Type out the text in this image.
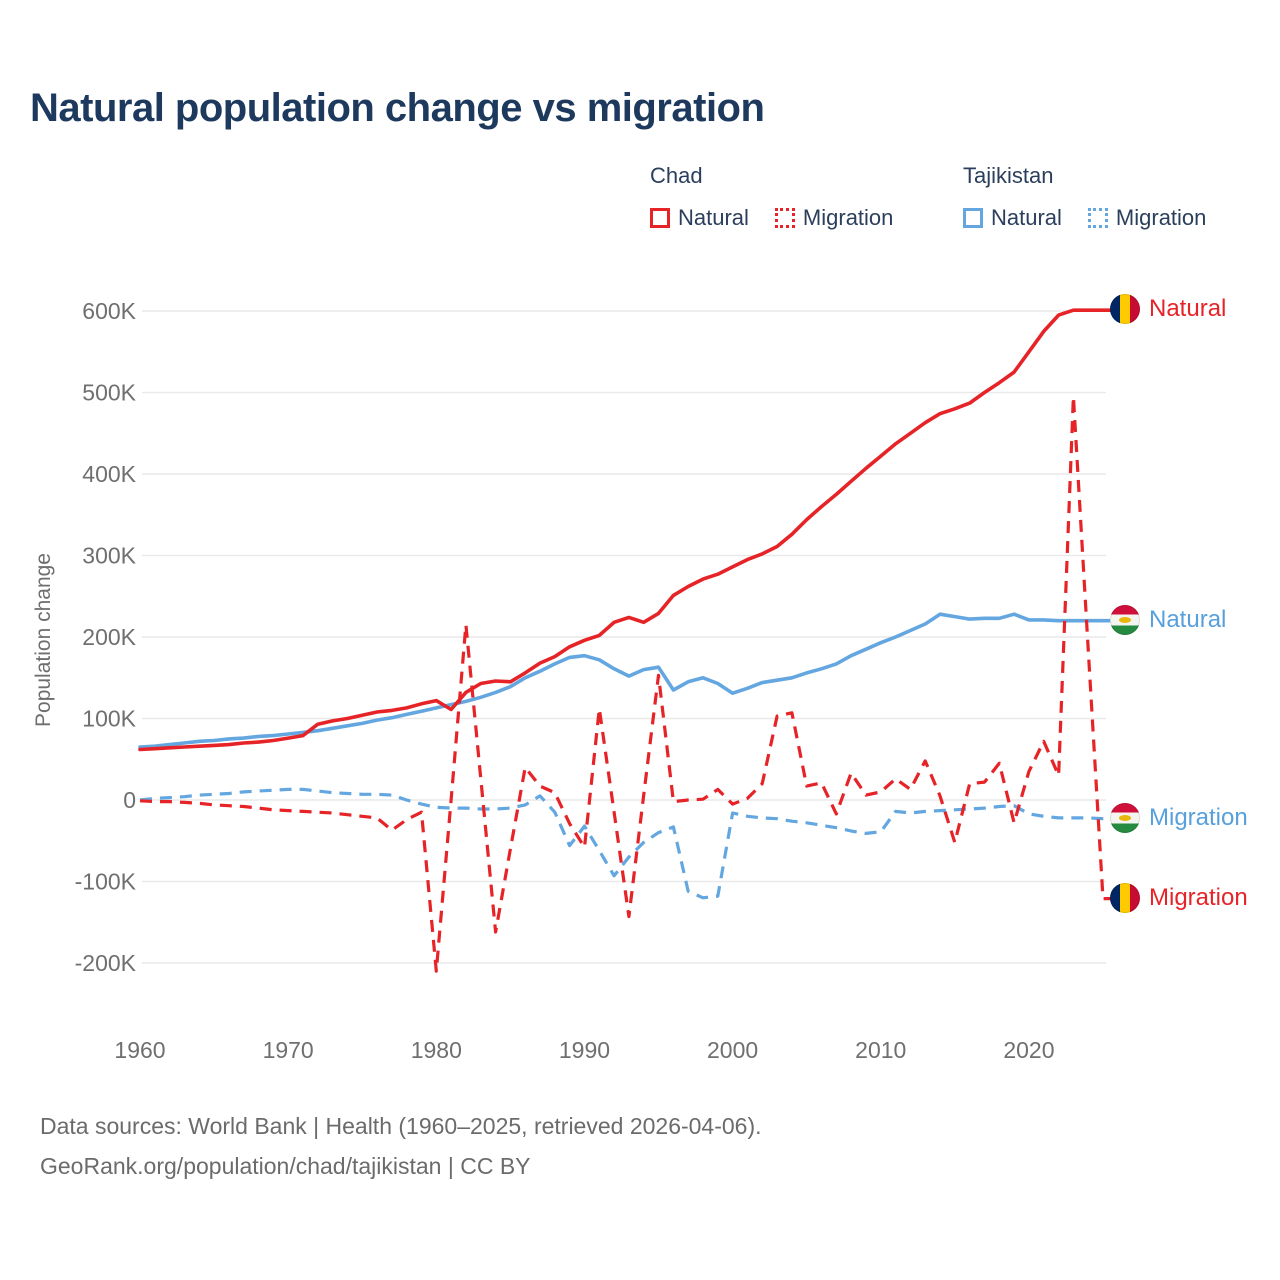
Natural population change vs migration
Chad
Natural Migration
Tajikistan
Natural Migration
Population change
600K
500K
400K
300K
200K
100K
0
-100K
-200K
1960	1970	1980	1990	2000	2010	2020
Natural
Natural
Migration
Migration
Data sources: World Bank | Health (1960–2025, retrieved 2026-04-06).
GeoRank.org/population/chad/tajikistan | CC BY
